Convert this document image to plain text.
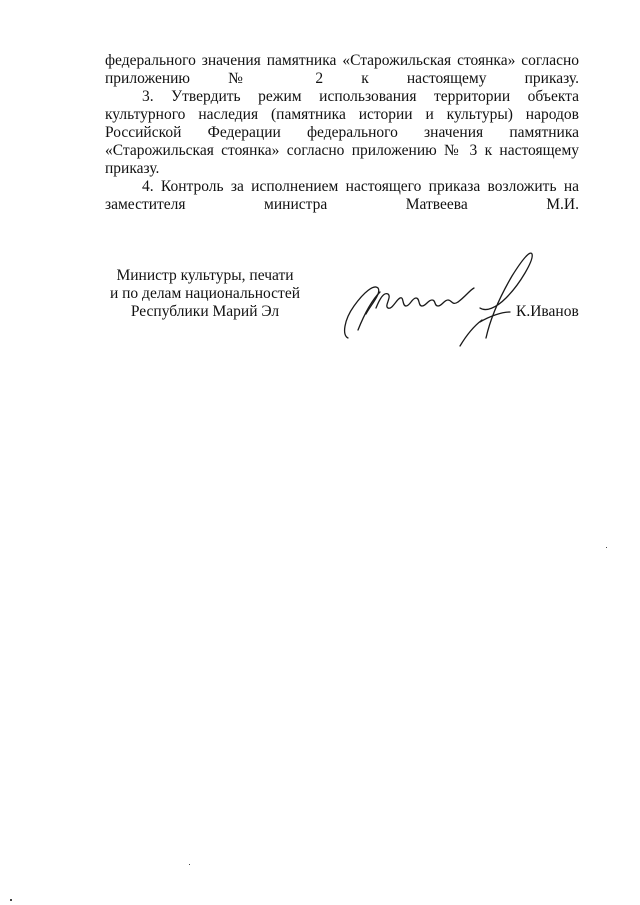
федерального значения памятника «Старожильская стоянка» согласно приложению № 2 к настоящему приказу.

3. Утвердить режим использования территории объекта культурного наследия (памятника истории и культуры) народов Российской Федерации федерального значения памятника «Старожильская стоянка» согласно приложению № 3 к настоящему приказу.

4. Контроль за исполнением настоящего приказа возложить на заместителя министра Матвеева М.И.

Министр культуры, печати
и по делам национальностей
Республики Марий Эл	К.Иванов
